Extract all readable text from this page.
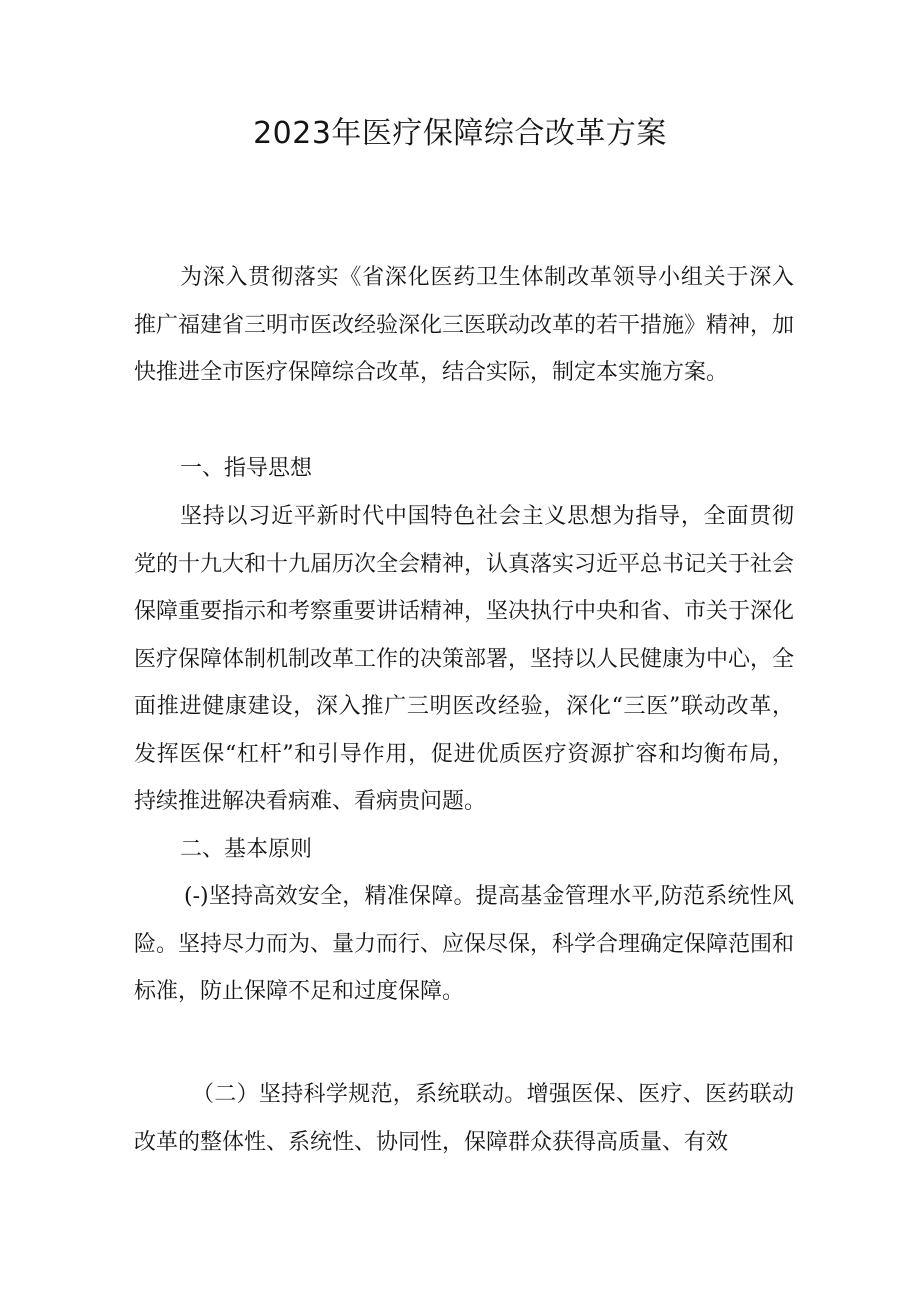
2023年医疗保障综合改革方案

为深入贯彻落实《省深化医药卫生体制改革领导小组关于深入推广福建省三明市医改经验深化三医联动改革的若干措施》精神，加快推进全市医疗保障综合改革，结合实际，制定本实施方案。

一、指导思想

坚持以习近平新时代中国特色社会主义思想为指导，全面贯彻党的十九大和十九届历次全会精神，认真落实习近平总书记关于社会保障重要指示和考察重要讲话精神，坚决执行中央和省、市关于深化医疗保障体制机制改革工作的决策部署，坚持以人民健康为中心，全面推进健康建设，深入推广三明医改经验，深化“三医”联动改革，发挥医保“杠杆”和引导作用，促进优质医疗资源扩容和均衡布局，持续推进解决看病难、看病贵问题。

二、基本原则

(-)坚持高效安全，精准保障。提高基金管理水平,防范系统性风险。坚持尽力而为、量力而行、应保尽保，科学合理确定保障范围和标准，防止保障不足和过度保障。

（二）坚持科学规范，系统联动。增强医保、医疗、医药联动改革的整体性、系统性、协同性，保障群众获得高质量、有效
